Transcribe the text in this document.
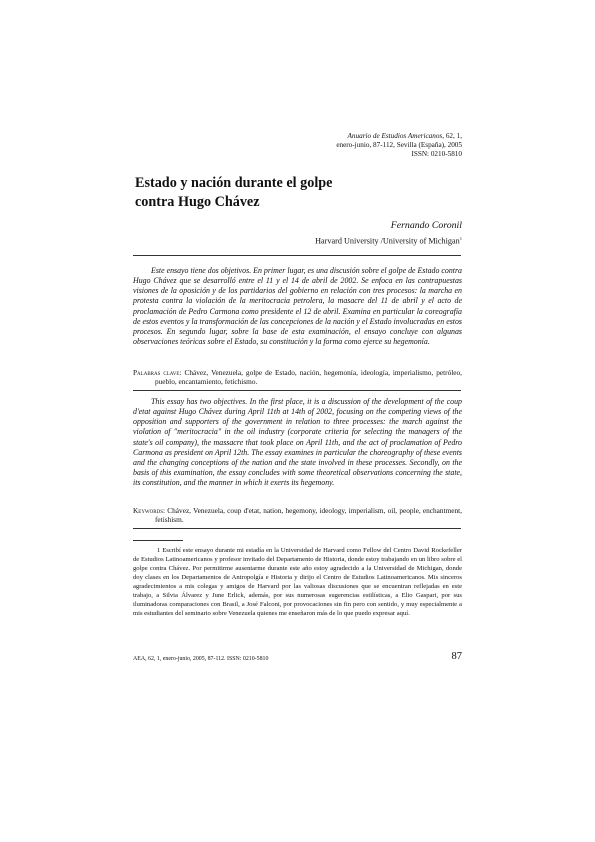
Anuario de Estudios Americanos, 62, 1,
enero-junio, 87-112, Sevilla (España), 2005
ISSN: 0210-5810
Estado y nación durante el golpe
contra Hugo Chávez
Fernando Coronil
Harvard University /University of Michigan$^1$

Este ensayo tiene dos objetivos. En primer lugar, es una discusión sobre el golpe de Estado contra Hugo Chávez que se desarrolló entre el 11 y el 14 de abril de 2002. Se enfoca en las contrapuestas visiones de la oposición y de los partidarios del gobierno en relación con tres procesos: la marcha en protesta contra la violación de la meritocracia petrolera, la masacre del 11 de abril y el acto de proclamación de Pedro Carmona como presidente el 12 de abril. Examina en particular la coreografía de estos eventos y la transformación de las concepciones de la nación y el Estado involucradas en estos procesos. En segundo lugar, sobre la base de esta examinación, el ensayo concluye con algunas observaciones teóricas sobre el Estado, su constitución y la forma como ejerce su hegemonía.

Palabras clave: Chávez, Venezuela, golpe de Estado, nación, hegemonía, ideología, imperialismo, petróleo, pueblo, encantamiento, fetichismo.

This essay has two objectives. In the first place, it is a discussion of the development of the coup d'etat against Hugo Chávez during April 11th at 14th of 2002, focusing on the competing views of the opposition and supporters of the government in relation to three processes: the march against the violation of "meritocracia" in the oil industry (corporate criteria for selecting the managers of the state's oil company), the massacre that took place on April 11th, and the act of proclamation of Pedro Carmona as president on April 12th. The essay examines in particular the choreography of these events and the changing conceptions of the nation and the state involved in these processes. Secondly, on the basis of this examination, the essay concludes with some theoretical observations concerning the state, its constitution, and the manner in which it exerts its hegemony.

Keywords: Chávez, Venezuela, coup d'etat, nation, hegemony, ideology, imperialism, oil, people, enchantment, fetishism.

1 Escribí este ensayo durante mi estadía en la Universidad de Harvard como Fellow del Centro David Rockefeller de Estudios Latinoamericanos y profesor invitado del Departamento de Historia, donde estoy trabajando en un libro sobre el golpe contra Chávez. Por permitirme ausentarme durante este año estoy agradecido a la Universidad de Michigan, donde doy clases en los Departamentos de Antropolgía e Historia y dirijo el Centro de Estudios Latinoamericanos. Mis sinceros agradecimientos a mis colegas y amigos de Harvard por las valiosas discusiones que se encuentran reflejadas en este trabajo, a Silvia Álvarez y June Erlick, además, por sus numerosas sugerencias estilísticas, a Elio Gaspari, por sus iluminadoras comparaciones con Brasil, a José Falconi, por provocaciones sin fin pero con sentido, y muy especialmente a mis estudiantes del seminario sobre Venezuela quienes me enseñaron más de lo que puedo expresar aquí.

AEA, 62, 1, enero-junio, 2005, 87-112. ISSN: 0210-5810	87
